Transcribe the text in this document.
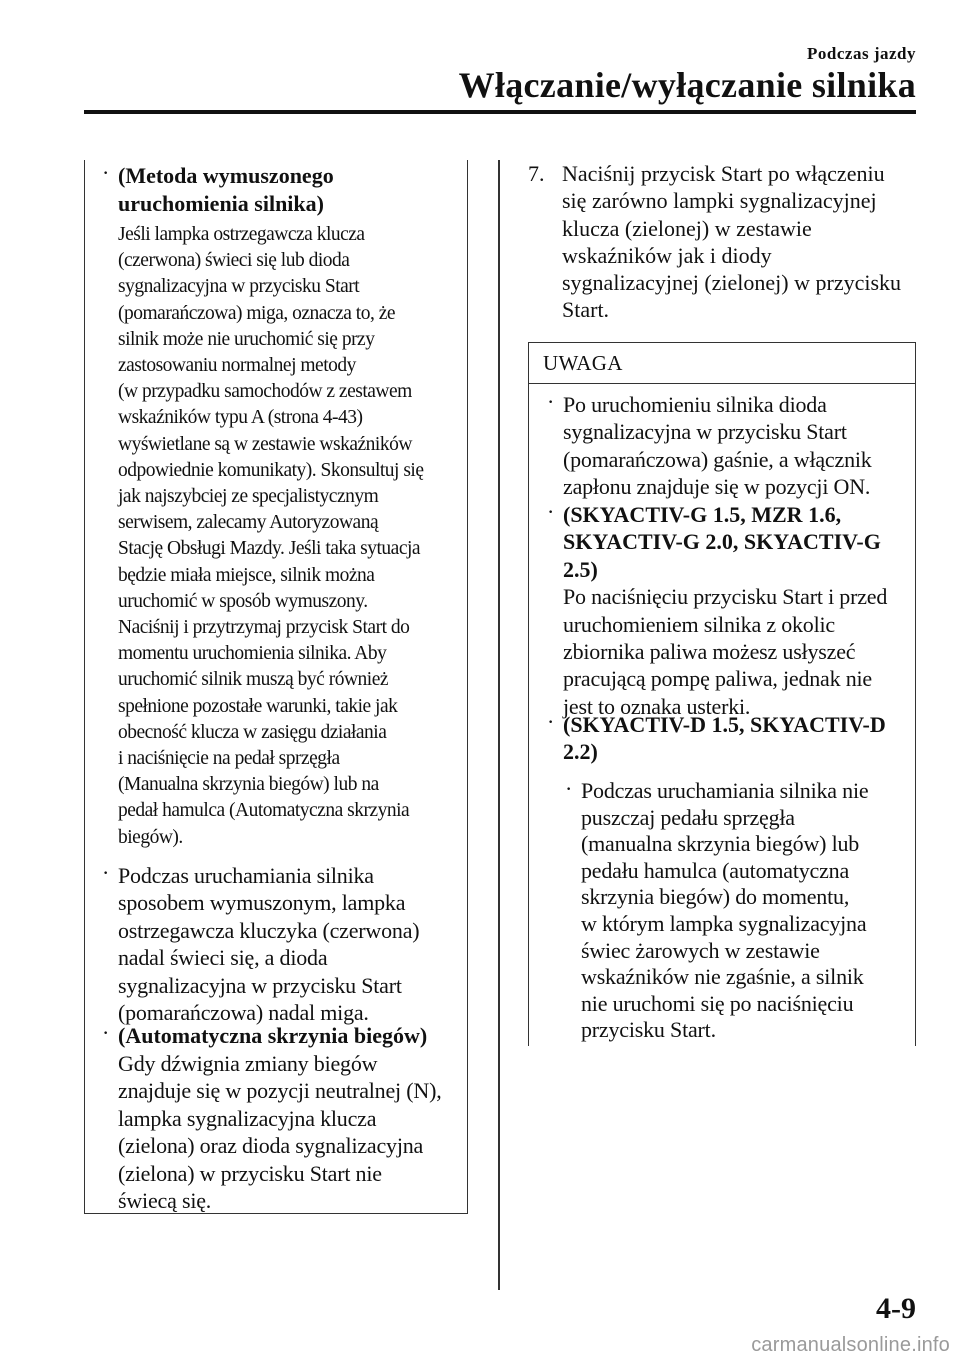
Podczas jazdy
Włączanie/wyłączanie silnika
· (Metoda wymuszonego
uruchomienia silnika)
Jeśli lampka ostrzegawcza klucza
(czerwona) świeci się lub dioda
sygnalizacyjna w przycisku Start
(pomarańczowa) miga, oznacza to, że
silnik może nie uruchomić się przy
zastosowaniu normalnej metody
(w przypadku samochodów z zestawem
wskaźników typu A (strona 4-43)
wyświetlane są w zestawie wskaźników
odpowiednie komunikaty). Skonsultuj się
jak najszybciej ze specjalistycznym
serwisem, zalecamy Autoryzowaną
Stację Obsługi Mazdy. Jeśli taka sytuacja
będzie miała miejsce, silnik można
uruchomić w sposób wymuszony.
Naciśnij i przytrzymaj przycisk Start do
momentu uruchomienia silnika. Aby
uruchomić silnik muszą być również
spełnione pozostałe warunki, takie jak
obecność klucza w zasięgu działania
i naciśnięcie na pedał sprzęgła
(Manualna skrzynia biegów) lub na
pedał hamulca (Automatyczna skrzynia
biegów).
· Podczas uruchamiania silnika
sposobem wymuszonym, lampka
ostrzegawcza kluczyka (czerwona)
nadal świeci się, a dioda
sygnalizacyjna w przycisku Start
(pomarańczowa) nadal miga.
· (Automatyczna skrzynia biegów)
Gdy dźwignia zmiany biegów
znajduje się w pozycji neutralnej (N),
lampka sygnalizacyjna klucza
(zielona) oraz dioda sygnalizacyjna
(zielona) w przycisku Start nie
świecą się.
7. Naciśnij przycisk Start po włączeniu
się zarówno lampki sygnalizacyjnej
klucza (zielonej) w zestawie
wskaźników jak i diody
sygnalizacyjnej (zielonej) w przycisku
Start.
UWAGA
· Po uruchomieniu silnika dioda
sygnalizacyjna w przycisku Start
(pomarańczowa) gaśnie, a włącznik
zapłonu znajduje się w pozycji ON.
· (SKYACTIV-G 1.5, MZR 1.6,
SKYACTIV-G 2.0, SKYACTIV-G
2.5)
Po naciśnięciu przycisku Start i przed
uruchomieniem silnika z okolic
zbiornika paliwa możesz usłyszeć
pracującą pompę paliwa, jednak nie
jest to oznaka usterki.
· (SKYACTIV-D 1.5, SKYACTIV-D
2.2)
· Podczas uruchamiania silnika nie
puszczaj pedału sprzęgła
(manualna skrzynia biegów) lub
pedału hamulca (automatyczna
skrzynia biegów) do momentu,
w którym lampka sygnalizacyjna
świec żarowych w zestawie
wskaźników nie zgaśnie, a silnik
nie uruchomi się po naciśnięciu
przycisku Start.
4-9
carmanualsonline.info
